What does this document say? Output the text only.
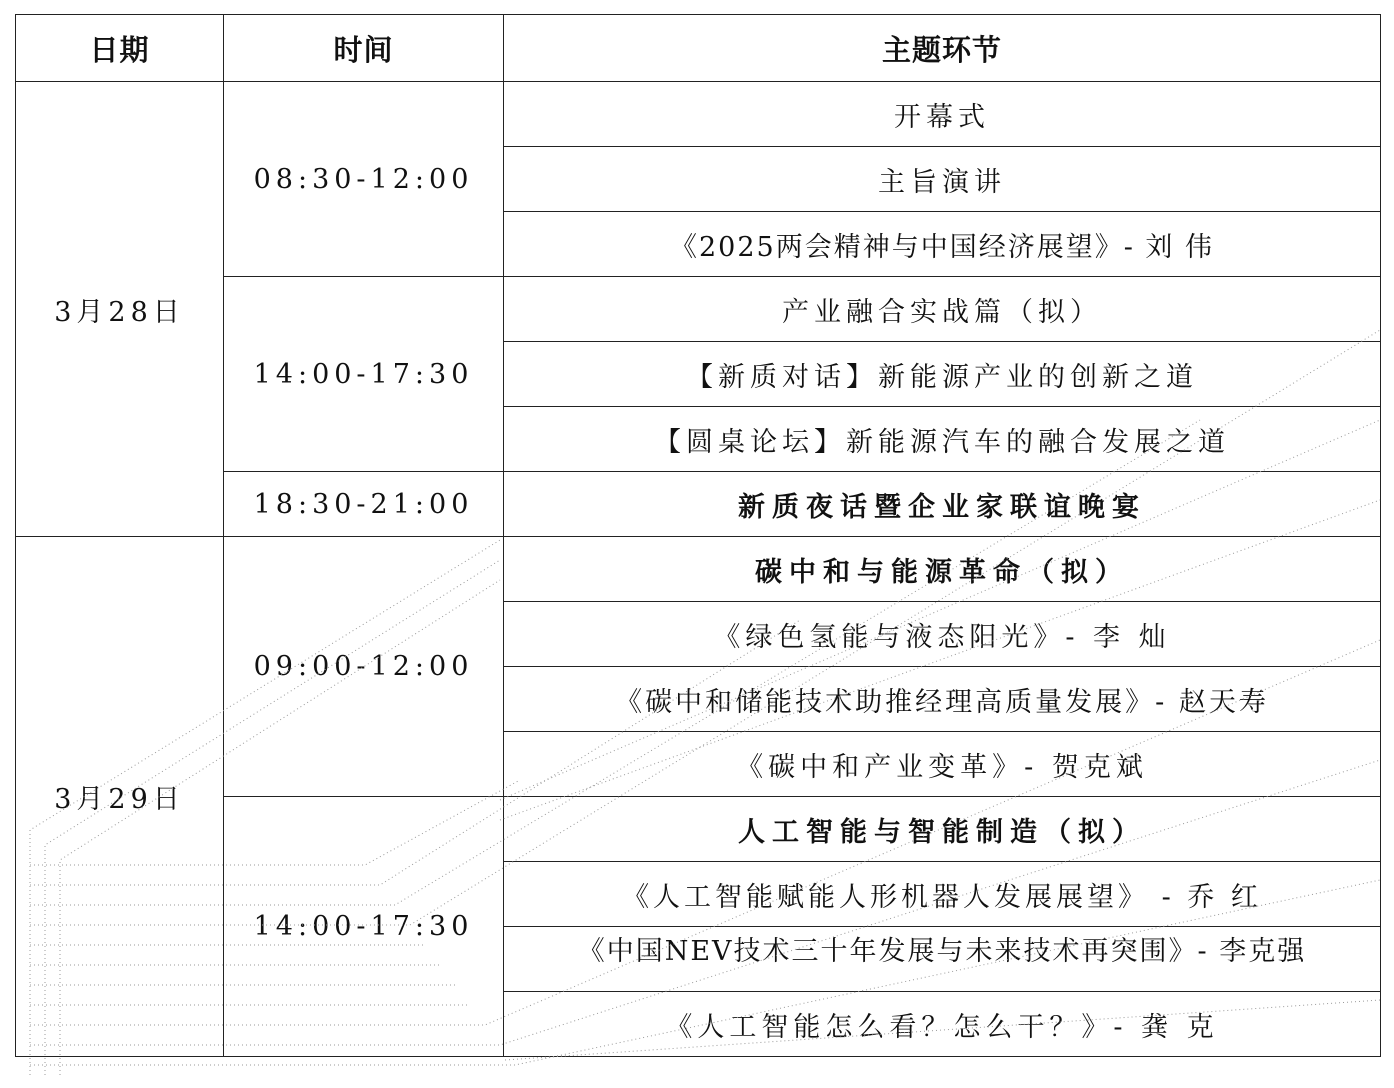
日期	时间	主题环节
3月28日	08:30-12:00	开幕式
		主旨演讲
		《2025两会精神与中国经济展望》- 刘 伟
	14:00-17:30	产业融合实战篇（拟）
		【新质对话】新能源产业的创新之道
		【圆桌论坛】新能源汽车的融合发展之道
	18:30-21:00	新质夜话暨企业家联谊晚宴
3月29日	09:00-12:00	碳中和与能源革命（拟）
		《绿色氢能与液态阳光》- 李 灿
		《碳中和储能技术助推经理高质量发展》- 赵天寿
		《碳中和产业变革》- 贺克斌
	14:00-17:30	人工智能与智能制造（拟）
		《人工智能赋能人形机器人发展展望》 - 乔 红

		《中国NEV技术三十年发展与未来技术再突围》- 李克强

		《人工智能怎么看？怎么干？》- 龚 克
